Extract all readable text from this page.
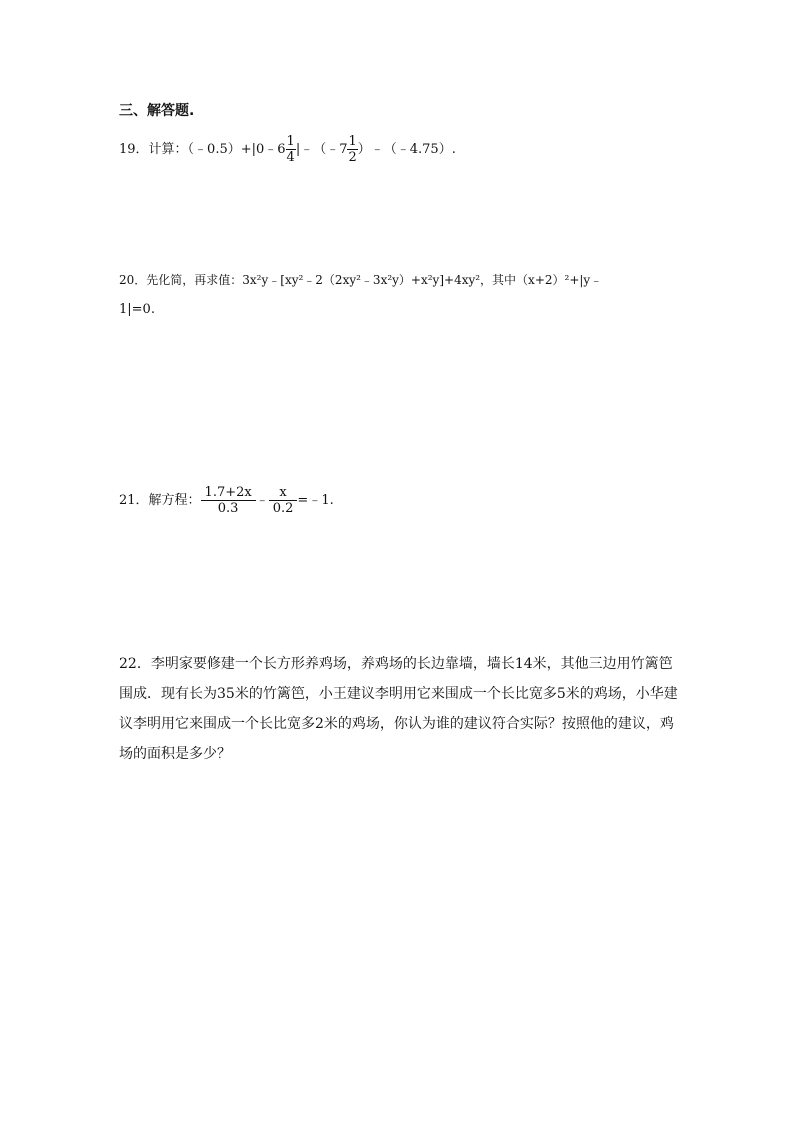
三、解答题.
19．计算：（﹣0.5）+|0﹣6 $\frac{1}{4}$ |﹣（﹣7 $\frac{1}{2}$ ）﹣（﹣4.75）.
20．先化简，再求值：3x²y﹣[xy²﹣2（2xy²﹣3x²y）+x²y]+4xy²，其中（x+2）²+|y﹣
1|=0.
21．解方程： $\frac{1.7+2x}{0.3}$ ﹣ $\frac{x}{0.2}$ =﹣1.
22．李明家要修建一个长方形养鸡场，养鸡场的长边靠墙，墙长14米，其他三边用竹篱笆围成．现有长为35米的竹篱笆，小王建议李明用它来围成一个长比宽多5米的鸡场，小华建议李明用它来围成一个长比宽多2米的鸡场，你认为谁的建议符合实际？按照他的建议，鸡场的面积是多少？
